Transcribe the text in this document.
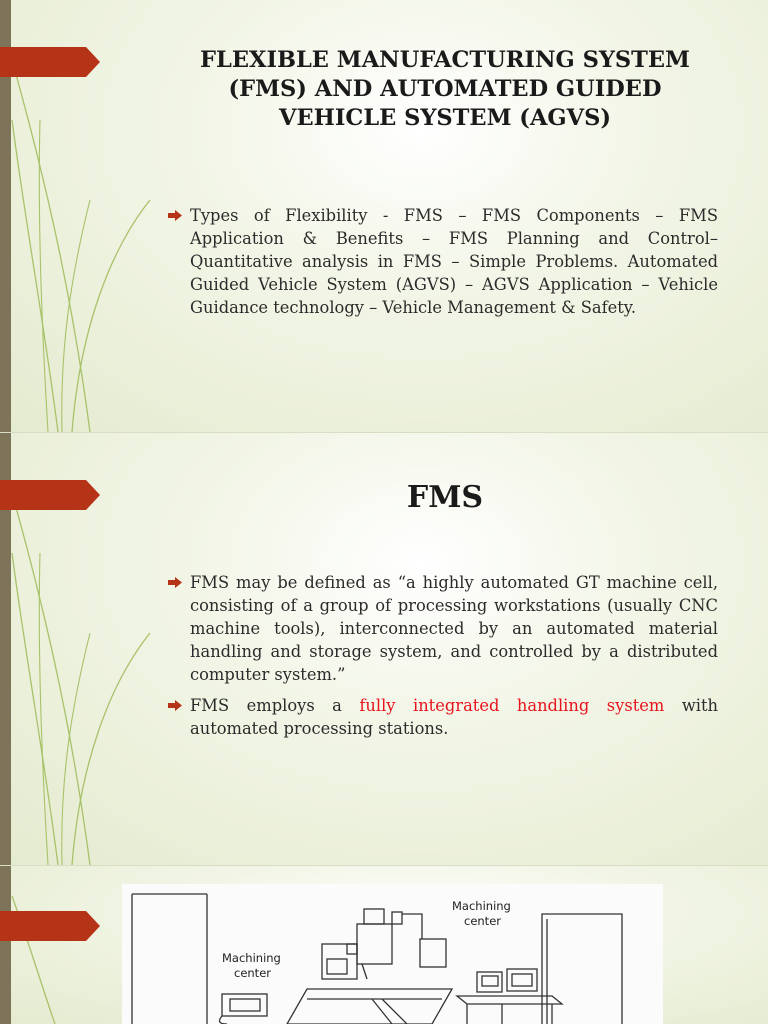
FLEXIBLE MANUFACTURING SYSTEM
(FMS) AND AUTOMATED GUIDED
VEHICLE SYSTEM (AGVS)
Types of Flexibility - FMS – FMS Components – FMS Application & Benefits – FMS Planning and Control– Quantitative analysis in FMS – Simple Problems. Automated Guided Vehicle System (AGVS) – AGVS Application – Vehicle Guidance technology – Vehicle Management & Safety.
FMS
FMS may be defined as “a highly automated GT machine cell, consisting of a group of processing workstations (usually CNC machine tools), interconnected by an automated material handling and storage system, and controlled by a distributed computer system.”
FMS employs a fully integrated handling system with automated processing stations.
Machining
center
Machining
center
